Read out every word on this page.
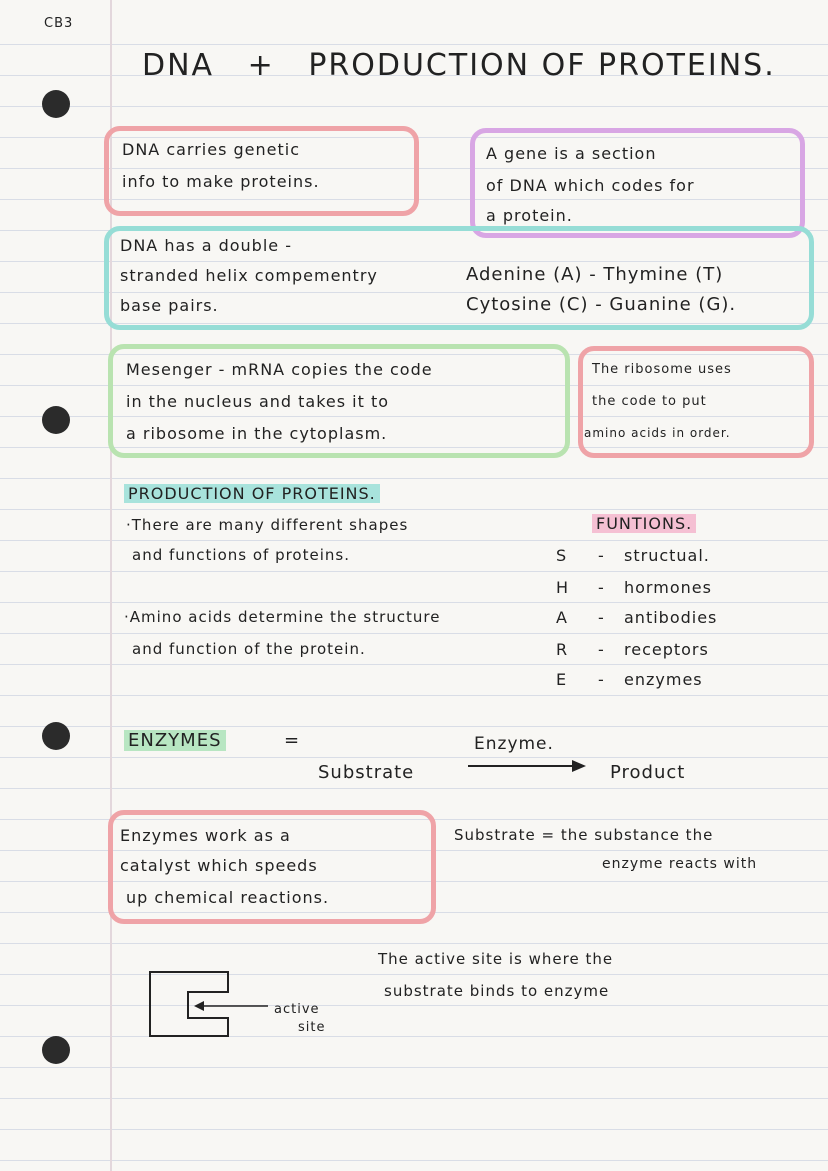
CB3
DNA + PRODUCTION OF PROTEINS.
DNA carries genetic
info to make proteins.
A gene is a section
of DNA which codes for
a protein.
DNA has a double -
stranded helix compementry
base pairs.
Adenine (A) - Thymine (T)
Cytosine (C) - Guanine (G).
Mesenger - mRNA copies the code
in the nucleus and takes it to
a ribosome in the cytoplasm.
The ribosome uses
the code to put
amino acids in order.
PRODUCTION OF PROTEINS.
·There are many different shapes
and functions of proteins.
·Amino acids determine the structure
and function of the protein.
FUNTIONS.
S - structual.
H - hormones
A - antibodies
R - receptors
E - enzymes
ENZYMES	=	Enzyme.
Substrate	Product
Enzymes work as a
catalyst which speeds
up chemical reactions.
Substrate = the substance the
enzyme reacts with
The active site is where the
substrate binds to enzyme
active
site
